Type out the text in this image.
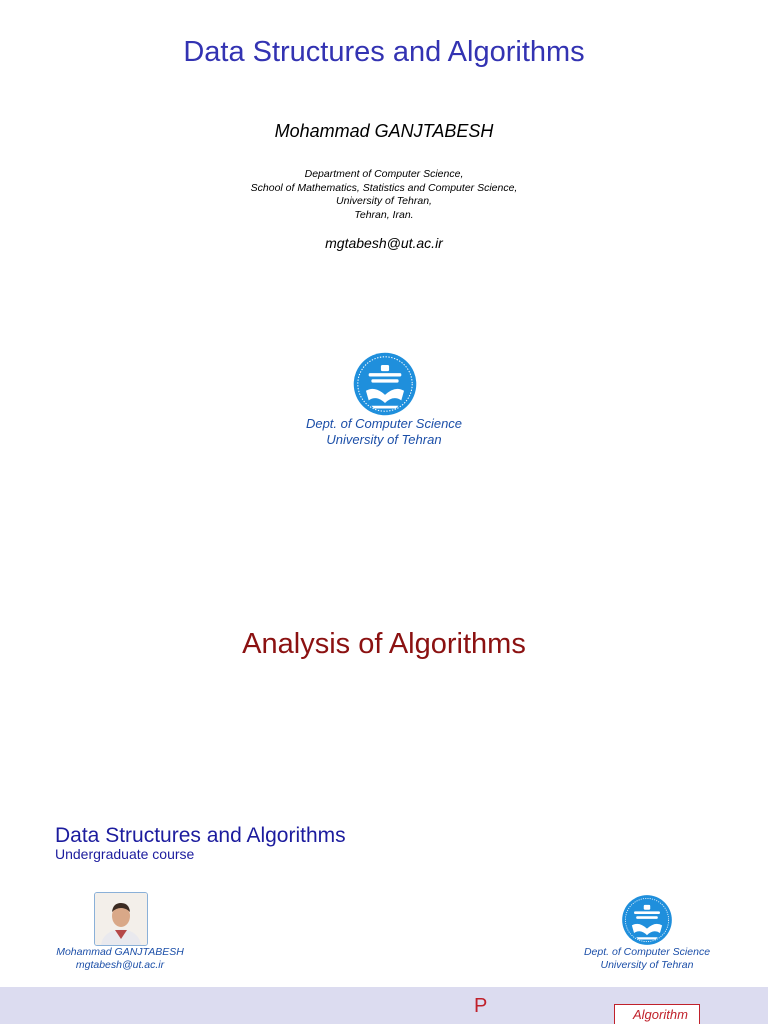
Data Structures and Algorithms
Mohammad GANJTABESH
Department of Computer Science,
School of Mathematics, Statistics and Computer Science,
University of Tehran,
Tehran, Iran.
mgtabesh@ut.ac.ir
Dept. of Computer Science
University of Tehran
Analysis of Algorithms
Data Structures and Algorithms
Undergraduate course
Mohammad GANJTABESH
mgtabesh@ut.ac.ir
Dept. of Computer Science
University of Tehran
P	Algorithm
